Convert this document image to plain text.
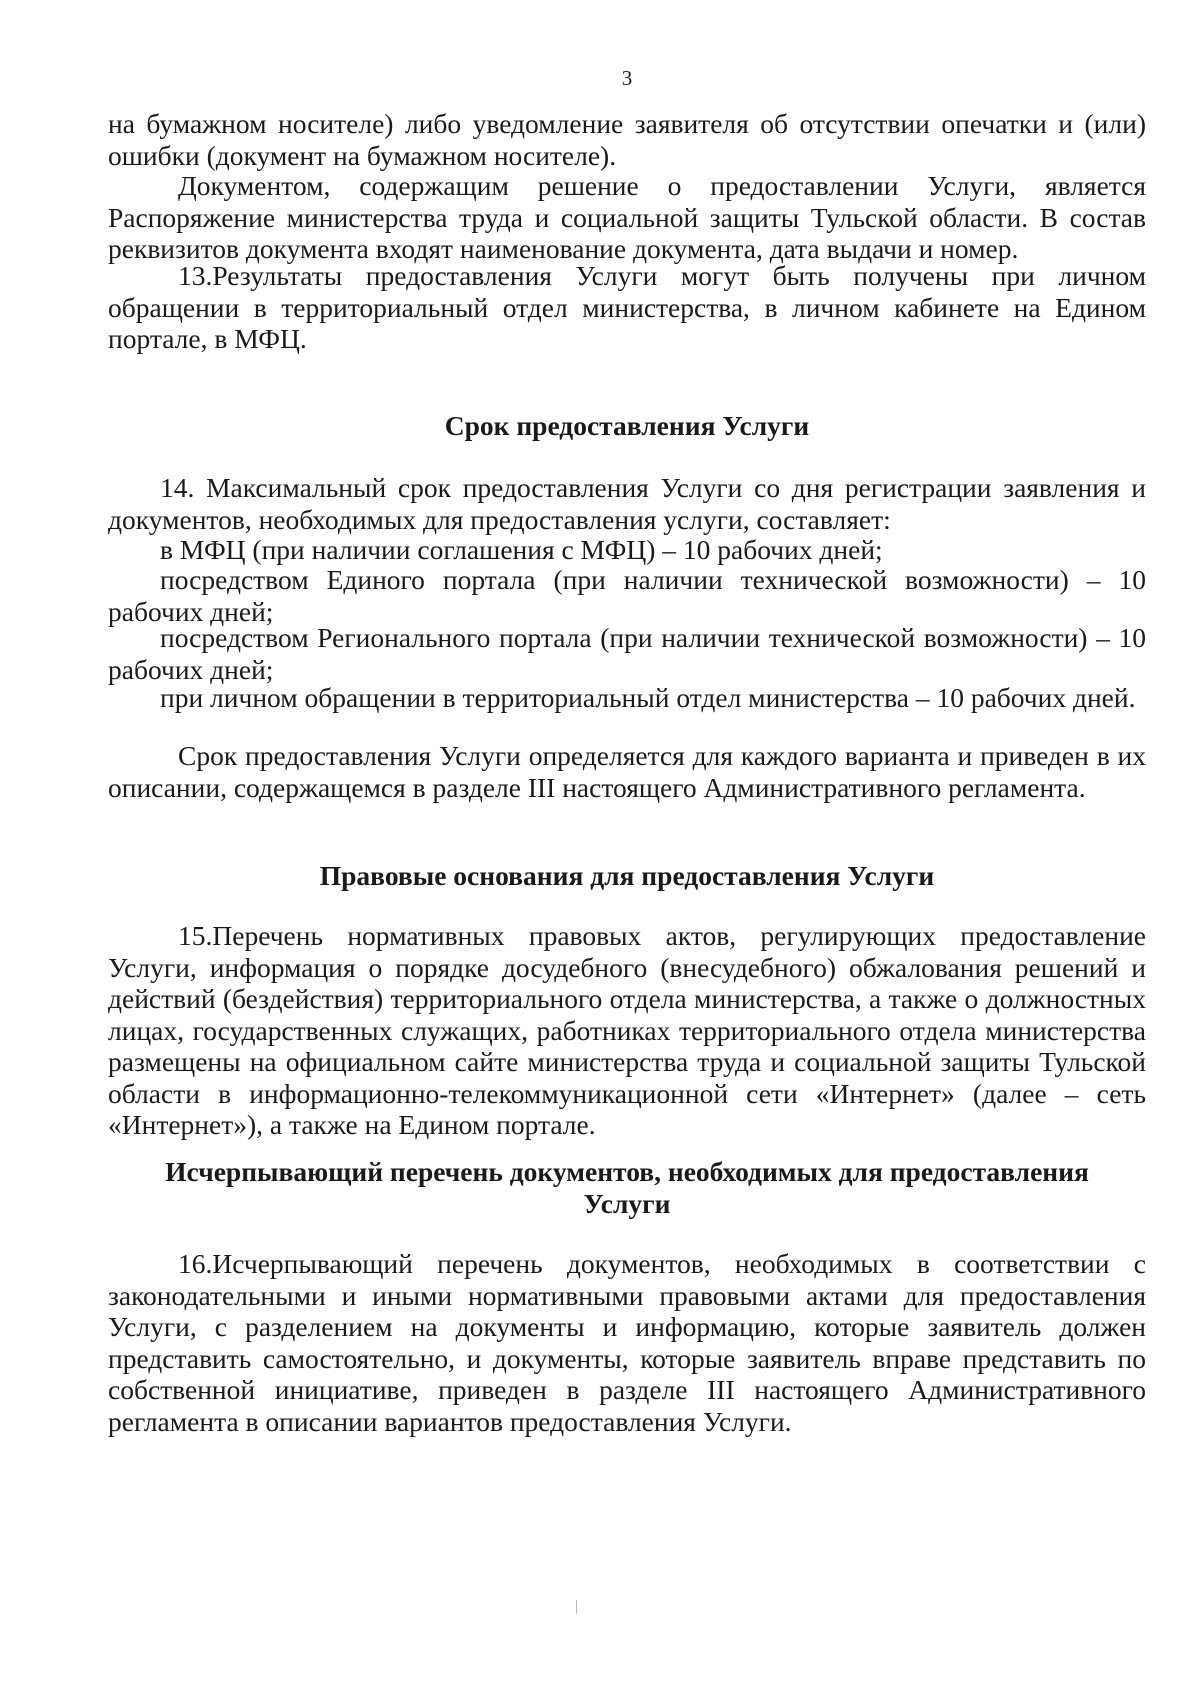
3

на бумажном носителе) либо уведомление заявителя об отсутствии опечатки и (или) ошибки (документ на бумажном носителе).

Документом, содержащим решение о предоставлении Услуги, является Распоряжение министерства труда и социальной защиты Тульской области. В состав реквизитов документа входят наименование документа, дата выдачи и номер.

13.Результаты предоставления Услуги могут быть получены при личном обращении в территориальный отдел министерства, в личном кабинете на Едином портале, в МФЦ.

Срок предоставления Услуги

14. Максимальный срок предоставления Услуги со дня регистрации заявления и документов, необходимых для предоставления услуги, составляет:

в МФЦ (при наличии соглашения с МФЦ) – 10 рабочих дней;

посредством Единого портала (при наличии технической возможности) – 10 рабочих дней;

посредством Регионального портала (при наличии технической возможности) – 10 рабочих дней;

при личном обращении в территориальный отдел министерства – 10 рабочих дней.

Срок предоставления Услуги определяется для каждого варианта и приведен в их описании, содержащемся в разделе III настоящего Административного регламента.

Правовые основания для предоставления Услуги

15.Перечень нормативных правовых актов, регулирующих предоставление Услуги, информация о порядке досудебного (внесудебного) обжалования решений и действий (бездействия) территориального отдела министерства, а также о должностных лицах, государственных служащих, работниках территориального отдела министерства размещены на официальном сайте министерства труда и социальной защиты Тульской области в информационно-телекоммуникационной сети «Интернет» (далее – сеть «Интернет»), а также на Едином портале.

Исчерпывающий перечень документов, необходимых для предоставления

Услуги

16.Исчерпывающий перечень документов, необходимых в соответствии с законодательными и иными нормативными правовыми актами для предоставления Услуги, с разделением на документы и информацию, которые заявитель должен представить самостоятельно, и документы, которые заявитель вправе представить по собственной инициативе, приведен в разделе III настоящего Административного регламента в описании вариантов предоставления Услуги.
